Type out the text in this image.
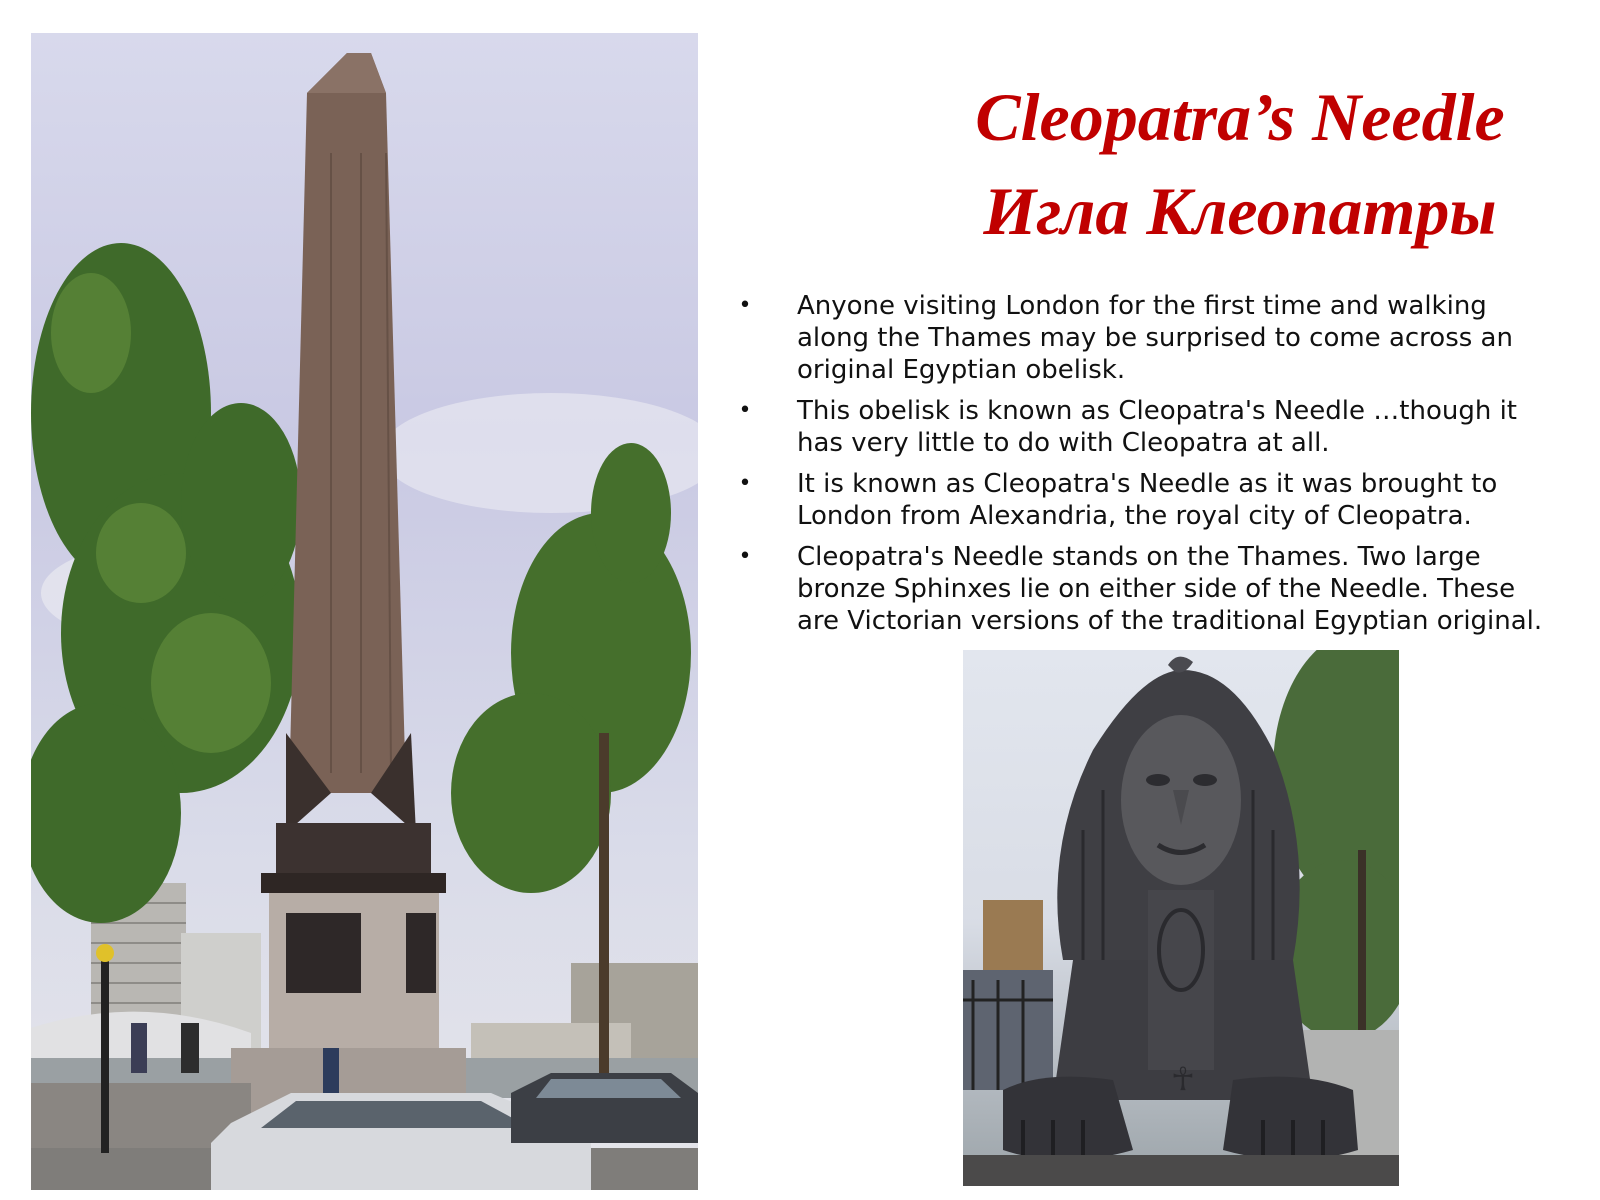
Cleopatra’s Needle
Игла Клеопатры
• Anyone visiting London for the first time and walking along the Thames may be surprised to come across an original Egyptian obelisk.
• This obelisk is known as Cleopatra's Needle …though it has very little to do with Cleopatra at all.
• It is known as Cleopatra's Needle as it was brought to London from Alexandria, the royal city of Cleopatra.
• Cleopatra's Needle stands on the Thames. Two large bronze Sphinxes lie on either side of the Needle. These are Victorian versions of the traditional Egyptian original.
☥
